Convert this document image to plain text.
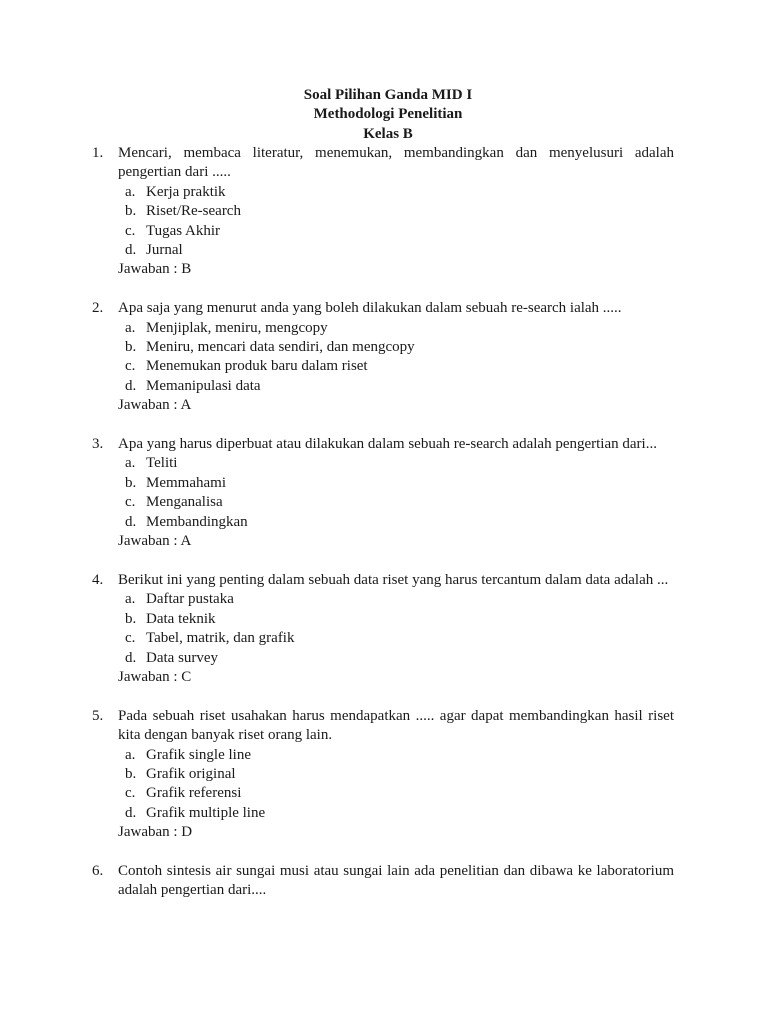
Soal Pilihan Ganda MID I
Methodologi Penelitian
Kelas B
1. Mencari, membaca literatur, menemukan, membandingkan dan menyelusuri adalah pengertian dari .....
a. Kerja praktik
b. Riset/Re-search
c. Tugas Akhir
d. Jurnal
Jawaban : B
2. Apa saja yang menurut anda yang boleh dilakukan dalam sebuah re-search ialah .....
a. Menjiplak, meniru, mengcopy
b. Meniru, mencari data sendiri, dan mengcopy
c. Menemukan produk baru dalam riset
d. Memanipulasi data
Jawaban : A
3. Apa yang harus diperbuat atau dilakukan dalam sebuah re-search adalah pengertian dari...
a. Teliti
b. Memmahami
c. Menganalisa
d. Membandingkan
Jawaban : A
4. Berikut ini yang penting dalam sebuah data riset yang harus tercantum dalam data adalah ...
a. Daftar pustaka
b. Data teknik
c. Tabel, matrik, dan grafik
d. Data survey
Jawaban : C
5. Pada sebuah riset usahakan harus mendapatkan ..... agar dapat membandingkan hasil riset kita dengan banyak riset orang lain.
a. Grafik single line
b. Grafik original
c. Grafik referensi
d. Grafik multiple line
Jawaban : D
6. Contoh sintesis air sungai musi atau sungai lain ada penelitian dan dibawa ke laboratorium adalah pengertian dari....
